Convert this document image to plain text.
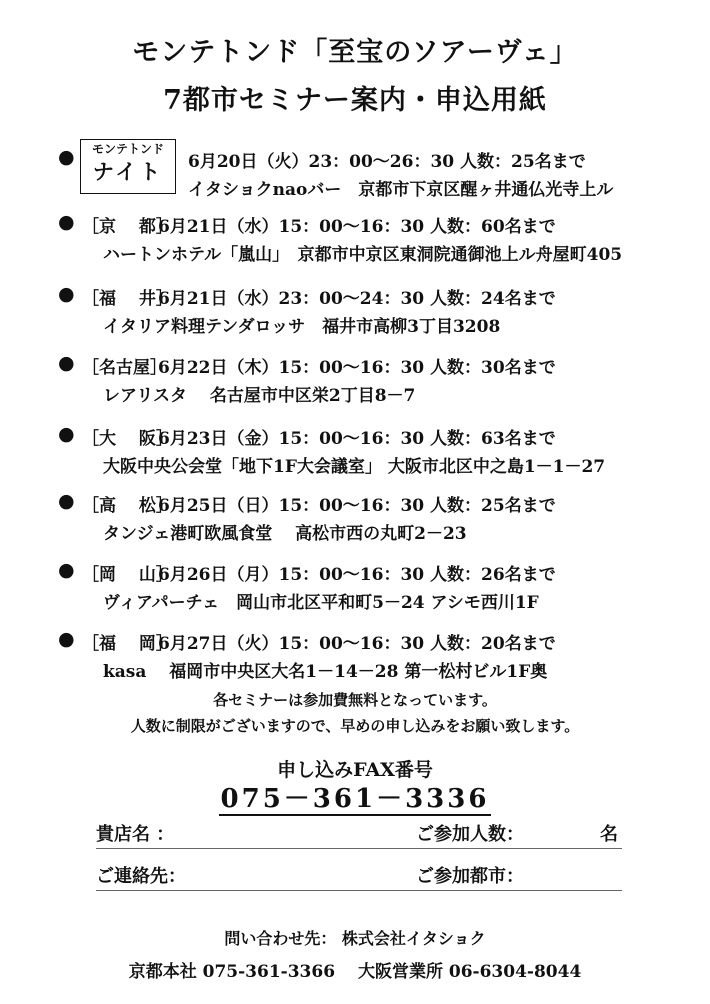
モンテトンド「至宝のソアーヴェ」
7都市セミナー案内・申込用紙
●	モンテトンド
ナイト	6月20日（火）23：00～26：30 人数：25名まで
イタショクnaoバー　京都市下京区醒ヶ井通仏光寺上ル
● ［京　 都］6月21日（水）15：00～16：30 人数：60名まで
ハートンホテル「嵐山」　京都市中京区東洞院通御池上ル舟屋町405
● ［福　 井］6月21日（水）23：00～24：30 人数：24名まで
イタリア料理テンダロッサ　福井市高柳3丁目3208
● ［名古屋］6月22日（木）15：00～16：30 人数：30名まで
レアリスタ　 名古屋市中区栄2丁目8－7
● ［大　 阪］6月23日（金）15：00～16：30 人数：63名まで
大阪中央公会堂「地下1F大会議室」 大阪市北区中之島1－1－27
● ［高　 松］6月25日（日）15：00～16：30 人数：25名まで
タンジェ港町欧風食堂　 高松市西の丸町2－23
● ［岡　 山］6月26日（月）15：00～16：30 人数：26名まで
ヴィアパーチェ　岡山市北区平和町5－24 アシモ西川1F
● ［福　 岡］6月27日（火）15：00～16：30 人数：20名まで
kasa　 福岡市中央区大名1－14－28 第一松村ビル1F奥
各セミナーは参加費無料となっています。
人数に制限がございますので、早めの申し込みをお願い致します。
申し込みFAX番号
075－361－3336
貴店名 ：	ご参加人数：	名
ご連絡先：	ご参加都市：
問い合わせ先： 株式会社イタショク
京都本社 075-361-3366　 大阪営業所 06-6304-8044
